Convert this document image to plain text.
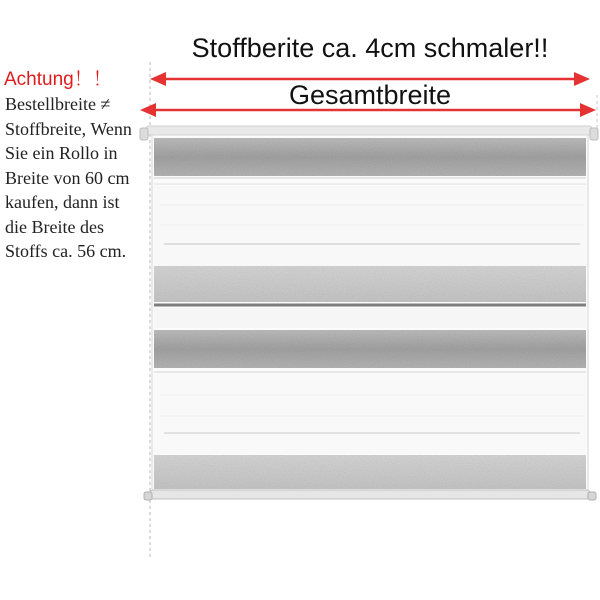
Stoffberite ca. 4cm schmaler!!
Gesamtbreite
Achtung！！
Bestellbreite ≠ Stoffbreite, Wenn Sie ein Rollo in Breite von 60 cm kaufen, dann ist die Breite des Stoffs ca. 56 cm.
